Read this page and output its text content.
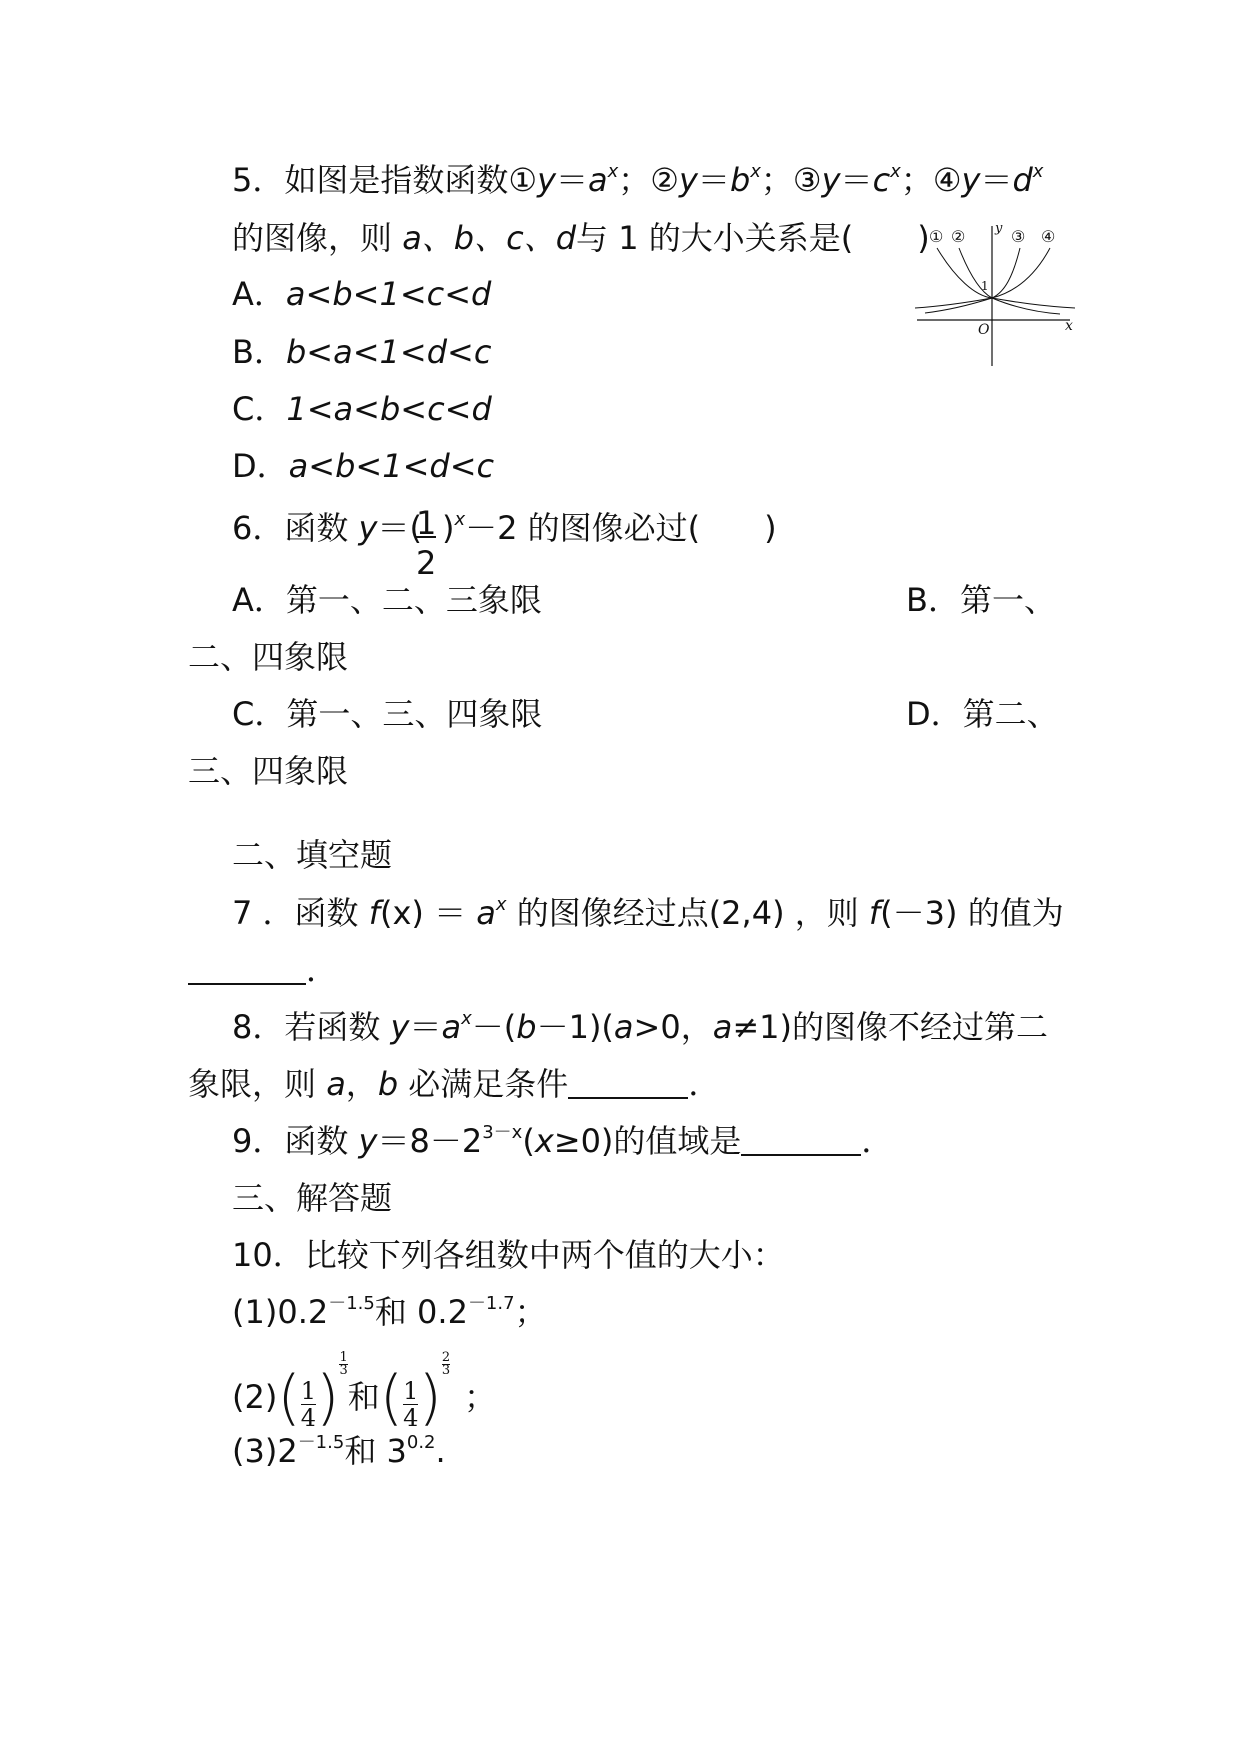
5．如图是指数函数$①y=a^x$；$②y=b^x$；$③y=c^x$；$④y=d^x$
的图像，则 a、b、c、d与 1 的大小关系是(　　)
A．a<b<1<c<d
B．b<a<1<d<c
C．1<a<b<c<d
D．a<b<1<d<c
① ②	③ ④
y
x
O
1
6．函数 y＝( )$^x$－2 的图像必过(　　)
1
2
A．第一、二、三象限	B．第一、
二、四象限
C．第一、三、四象限	D．第二、
三、四象限
二、填空题
7 ．函数 $f(x) = a^x$ 的图像经过点(2,4) ，则 f(－3) 的值为
．
8．若函数 $y=a^x-(b-1)(a>0$，a≠1)的图像不经过第二
象限，则 a，b 必满足条件	．
9．函数 $y=8-2^{3-x}(x\ge 0)$的值域是	．
三、解答题
10．比较下列各组数中两个值的大小：
$(1)0.2^{-1.5}$和 $0.2^{-1.7}$；
$(2)(\frac{1}{4} )\frac{1}{3}$
和$(\frac{1}{4} )\frac{2}{3}$
；
$(3)2^{-1.5}$和 $3^{0.2}$.
